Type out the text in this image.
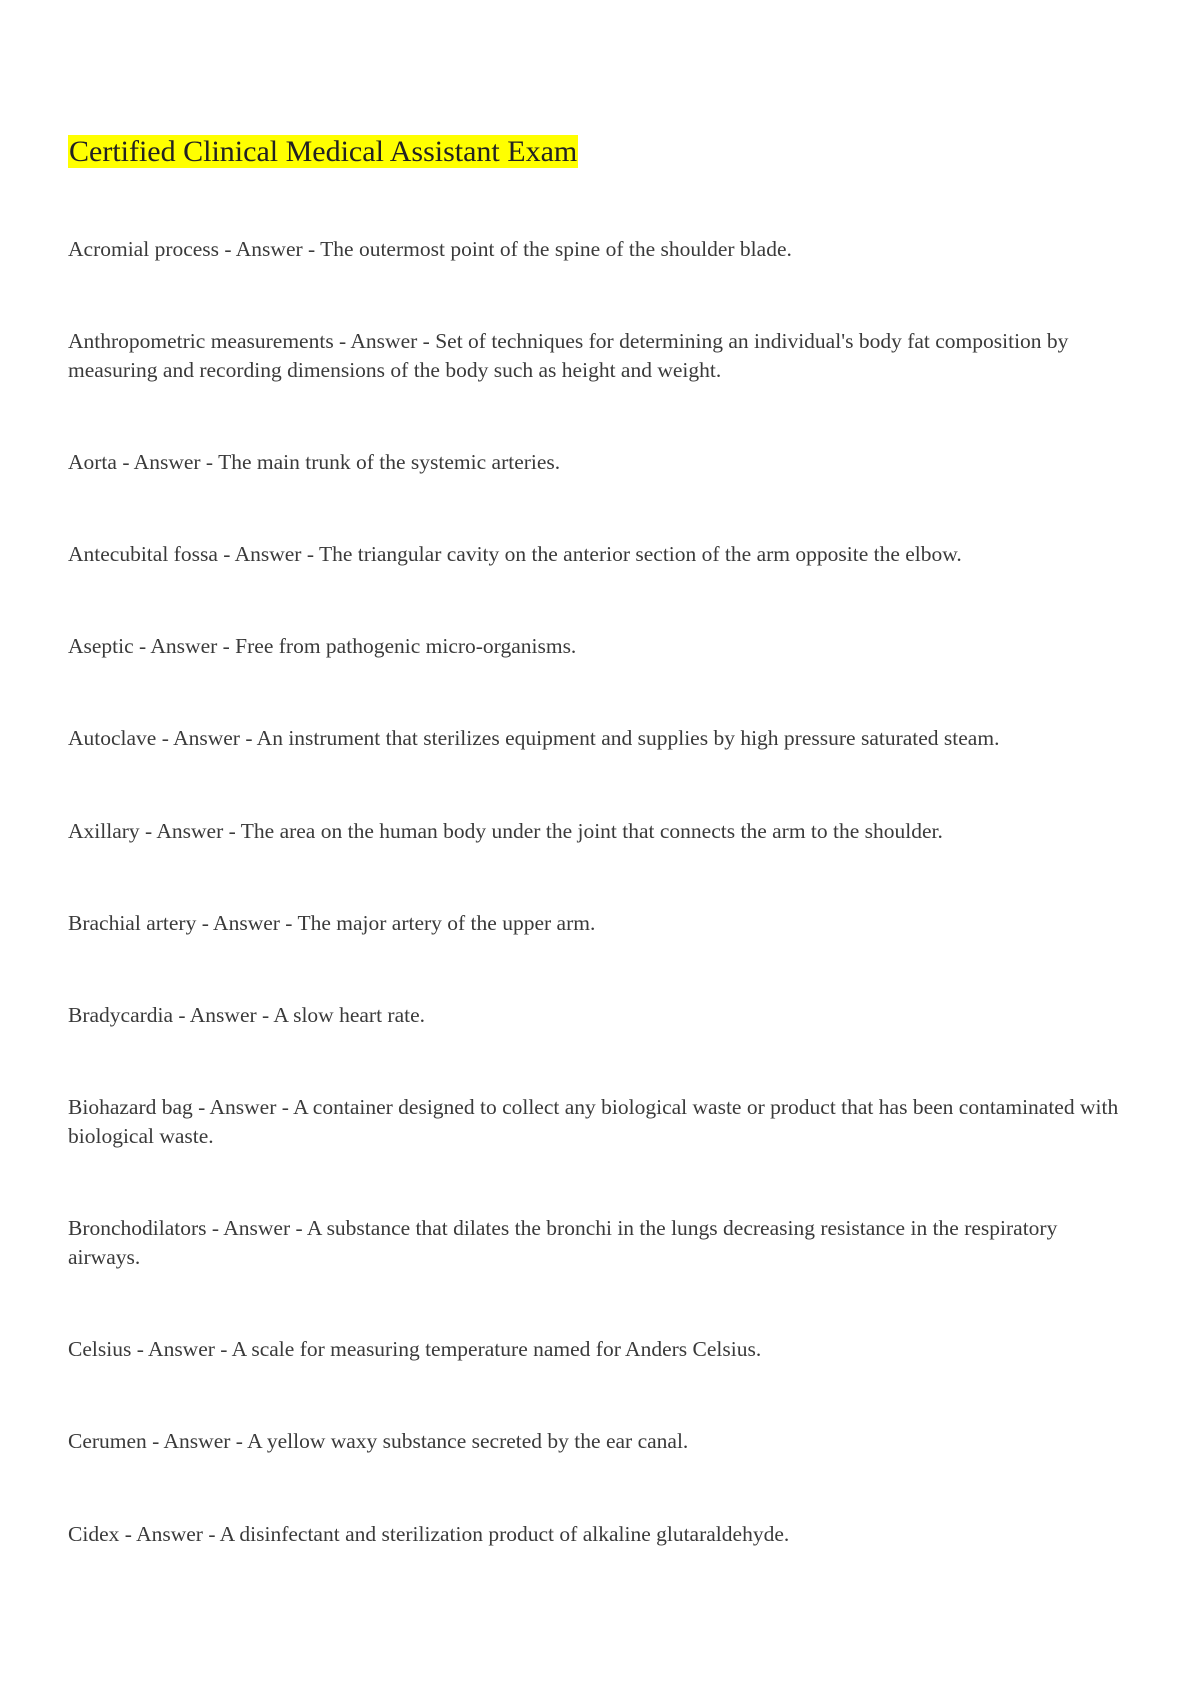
Certified Clinical Medical Assistant Exam

Acromial process - Answer - The outermost point of the spine of the shoulder blade.

Anthropometric measurements - Answer - Set of techniques for determining an individual's body fat composition by measuring and recording dimensions of the body such as height and weight.

Aorta - Answer - The main trunk of the systemic arteries.

Antecubital fossa - Answer - The triangular cavity on the anterior section of the arm opposite the elbow.

Aseptic - Answer - Free from pathogenic micro-organisms.

Autoclave - Answer - An instrument that sterilizes equipment and supplies by high pressure saturated steam.

Axillary - Answer - The area on the human body under the joint that connects the arm to the shoulder.

Brachial artery - Answer - The major artery of the upper arm.

Bradycardia - Answer - A slow heart rate.

Biohazard bag - Answer - A container designed to collect any biological waste or product that has been contaminated with biological waste.

Bronchodilators - Answer - A substance that dilates the bronchi in the lungs decreasing resistance in the respiratory airways.

Celsius - Answer - A scale for measuring temperature named for Anders Celsius.

Cerumen - Answer - A yellow waxy substance secreted by the ear canal.

Cidex - Answer - A disinfectant and sterilization product of alkaline glutaraldehyde.
